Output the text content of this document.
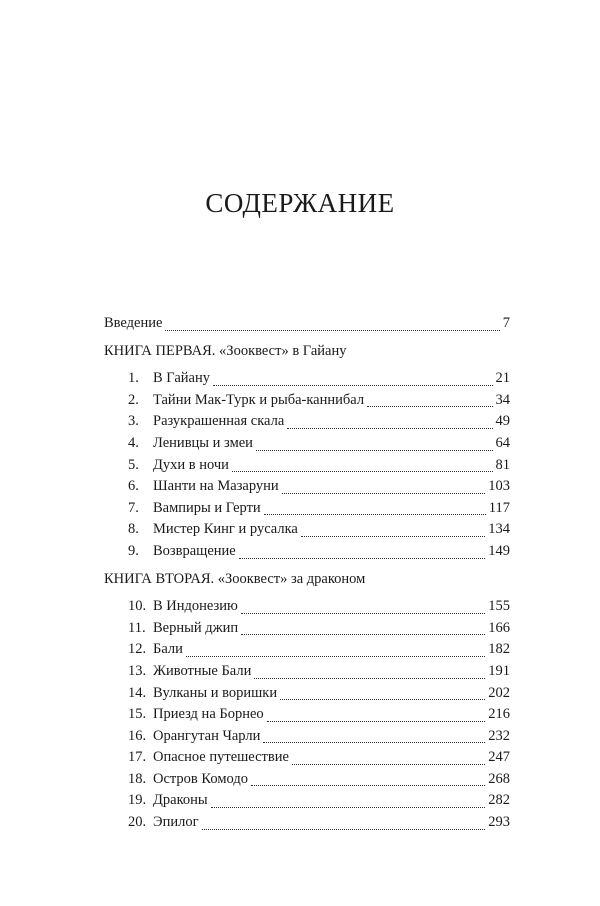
СОДЕРЖАНИЕ
Введение	7
КНИГА ПЕРВАЯ. «Зооквест» в Гайану
1. В Гайану	21
2. Тайни Мак-Турк и рыба-каннибал	34
3. Разукрашенная скала	49
4. Ленивцы и змеи	64
5. Духи в ночи	81
6. Шанти на Мазаруни	103
7. Вампиры и Герти	117
8. Мистер Кинг и русалка	134
9. Возвращение	149
КНИГА ВТОРАЯ. «Зооквест» за драконом
10. В Индонезию	155
11. Верный джип	166
12. Бали	182
13. Животные Бали	191
14. Вулканы и воришки	202
15. Приезд на Борнео	216
16. Орангутан Чарли	232
17. Опасное путешествие	247
18. Остров Комодо	268
19. Драконы	282
20. Эпилог	293
